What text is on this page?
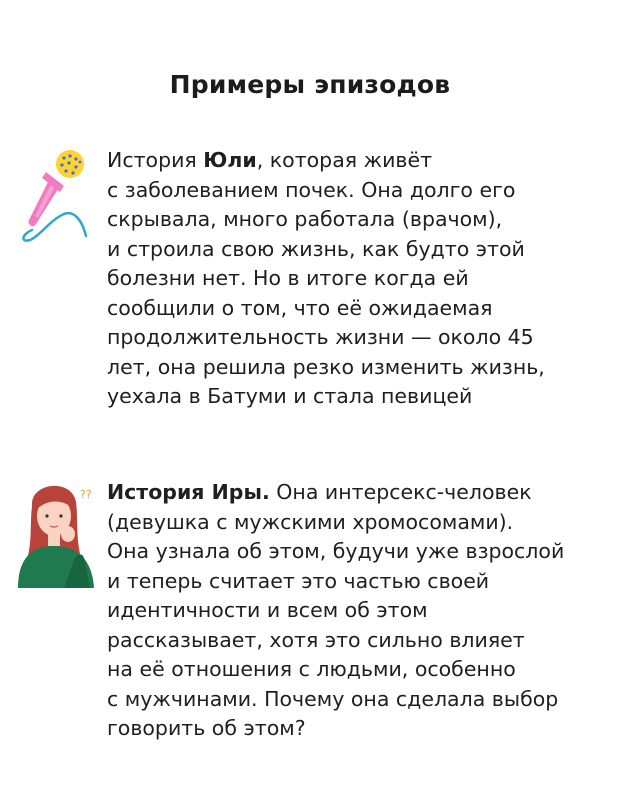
Примеры эпизодов
??
История Юли, которая живёт
с заболеванием почек. Она долго его
скрывала, много работала (врачом),
и строила свою жизнь, как будто этой
болезни нет. Но в итоге когда ей
сообщили о том, что её ожидаемая
продолжительность жизни — около 45
лет, она решила резко изменить жизнь,
уехала в Батуми и стала певицей
История Иры. Она интерсекс-человек
(девушка с мужскими хромосомами).
Она узнала об этом, будучи уже взрослой
и теперь считает это частью своей
идентичности и всем об этом
рассказывает, хотя это сильно влияет
на её отношения с людьми, особенно
с мужчинами. Почему она сделала выбор
говорить об этом?
